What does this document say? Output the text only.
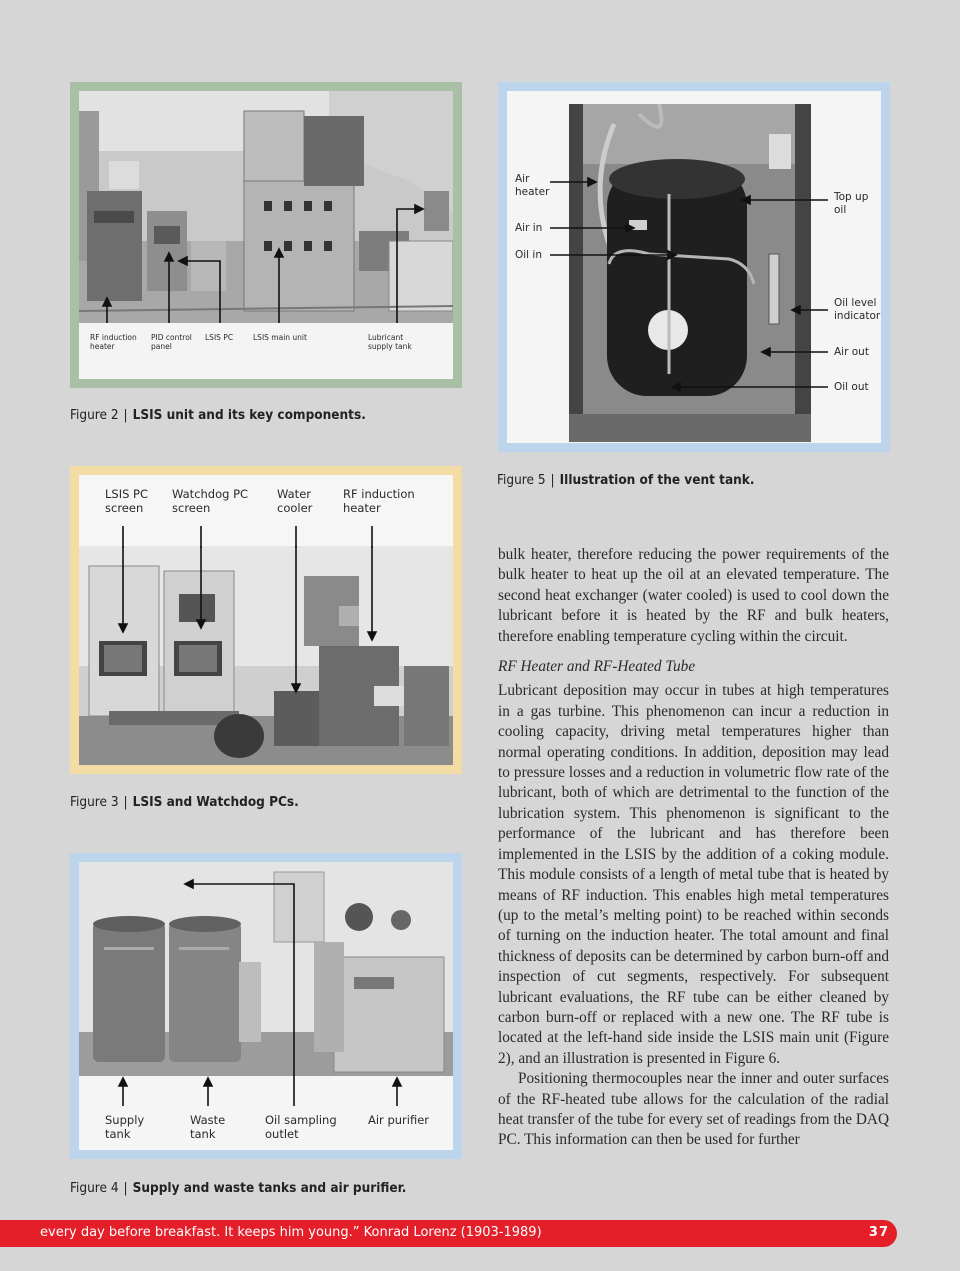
RF induction
heater
PID control
panel
LSIS PC	LSIS main unit	Lubricant
supply tank
Figure 2 | LSIS unit and its key components.
LSIS PC
screen
Watchdog PC
screen
Water
cooler
RF induction
heater
Figure 3 | LSIS and Watchdog PCs.
Supply
tank
Waste
tank
Oil sampling
outlet
Air purifier
Figure 4 | Supply and waste tanks and air purifier.
Air
heater
Air in
Oil in
Top up
oil
Oil level
indicator
Air out
Oil out
Figure 5 | Illustration of the vent tank.

bulk heater, therefore reducing the power requirements of the bulk heater to heat up the oil at an elevated temperature. The second heat exchanger (water cooled) is used to cool down the lubricant before it is heated by the RF and bulk heaters, therefore enabling temperature cycling within the circuit.

RF Heater and RF-Heated Tube

Lubricant deposition may occur in tubes at high temperatures in a gas turbine. This phenomenon can incur a reduction in cooling capacity, driving metal temperatures higher than normal operating conditions. In addition, deposition may lead to pressure losses and a reduction in volumetric flow rate of the lubricant, both of which are detrimental to the function of the lubrication system. This phenomenon is significant to the performance of the lubricant and has therefore been implemented in the LSIS by the addition of a coking module. This module consists of a length of metal tube that is heated by means of RF induction. This enables high metal temperatures (up to the metal’s melting point) to be reached within seconds of turning on the induction heater. The total amount and final thickness of deposits can be determined by carbon burn-off and inspection of cut segments, respectively. For subsequent lubricant evaluations, the RF tube can be either cleaned by carbon burn-off or replaced with a new one. The RF tube is located at the left-hand side inside the LSIS main unit (Figure 2), and an illustration is presented in Figure 6.

Positioning thermocouples near the inner and outer surfaces of the RF-heated tube allows for the calculation of the radial heat transfer of the tube for every set of readings from the DAQ PC. This information can then be used for further

every day before breakfast. It keeps him young.” Konrad Lorenz (1903-1989)	37
